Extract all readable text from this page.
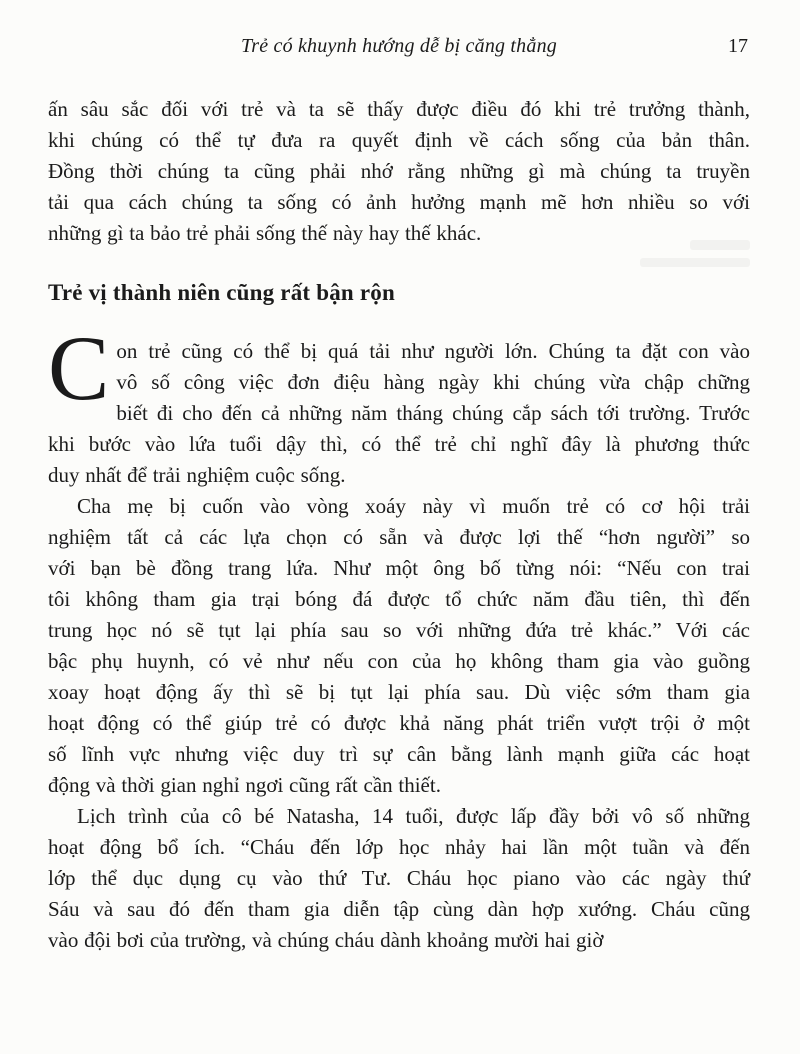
Trẻ có khuynh hướng dễ bị căng thẳng	17
ấn sâu sắc đối với trẻ và ta sẽ thấy được điều đó khi trẻ trưởng thành,
khi chúng có thể tự đưa ra quyết định về cách sống của bản thân.
Đồng thời chúng ta cũng phải nhớ rằng những gì mà chúng ta truyền
tải qua cách chúng ta sống có ảnh hưởng mạnh mẽ hơn nhiều so với
những gì ta bảo trẻ phải sống thế này hay thế khác.
Trẻ vị thành niên cũng rất bận rộn
C on trẻ cũng có thể bị quá tải như người lớn. Chúng ta đặt con vào
vô số công việc đơn điệu hàng ngày khi chúng vừa chập chững
biết đi cho đến cả những năm tháng chúng cắp sách tới trường. Trước
khi bước vào lứa tuổi dậy thì, có thể trẻ chỉ nghĩ đây là phương thức
duy nhất để trải nghiệm cuộc sống.
Cha mẹ bị cuốn vào vòng xoáy này vì muốn trẻ có cơ hội trải
nghiệm tất cả các lựa chọn có sẵn và được lợi thế “hơn người” so
với bạn bè đồng trang lứa. Như một ông bố từng nói: “Nếu con trai
tôi không tham gia trại bóng đá được tổ chức năm đầu tiên, thì đến
trung học nó sẽ tụt lại phía sau so với những đứa trẻ khác.” Với các
bậc phụ huynh, có vẻ như nếu con của họ không tham gia vào guồng
xoay hoạt động ấy thì sẽ bị tụt lại phía sau. Dù việc sớm tham gia
hoạt động có thể giúp trẻ có được khả năng phát triển vượt trội ở một
số lĩnh vực nhưng việc duy trì sự cân bằng lành mạnh giữa các hoạt
động và thời gian nghỉ ngơi cũng rất cần thiết.
Lịch trình của cô bé Natasha, 14 tuổi, được lấp đầy bởi vô số những
hoạt động bổ ích. “Cháu đến lớp học nhảy hai lần một tuần và đến
lớp thể dục dụng cụ vào thứ Tư. Cháu học piano vào các ngày thứ
Sáu và sau đó đến tham gia diễn tập cùng dàn hợp xướng. Cháu cũng
vào đội bơi của trường, và chúng cháu dành khoảng mười hai giờ
